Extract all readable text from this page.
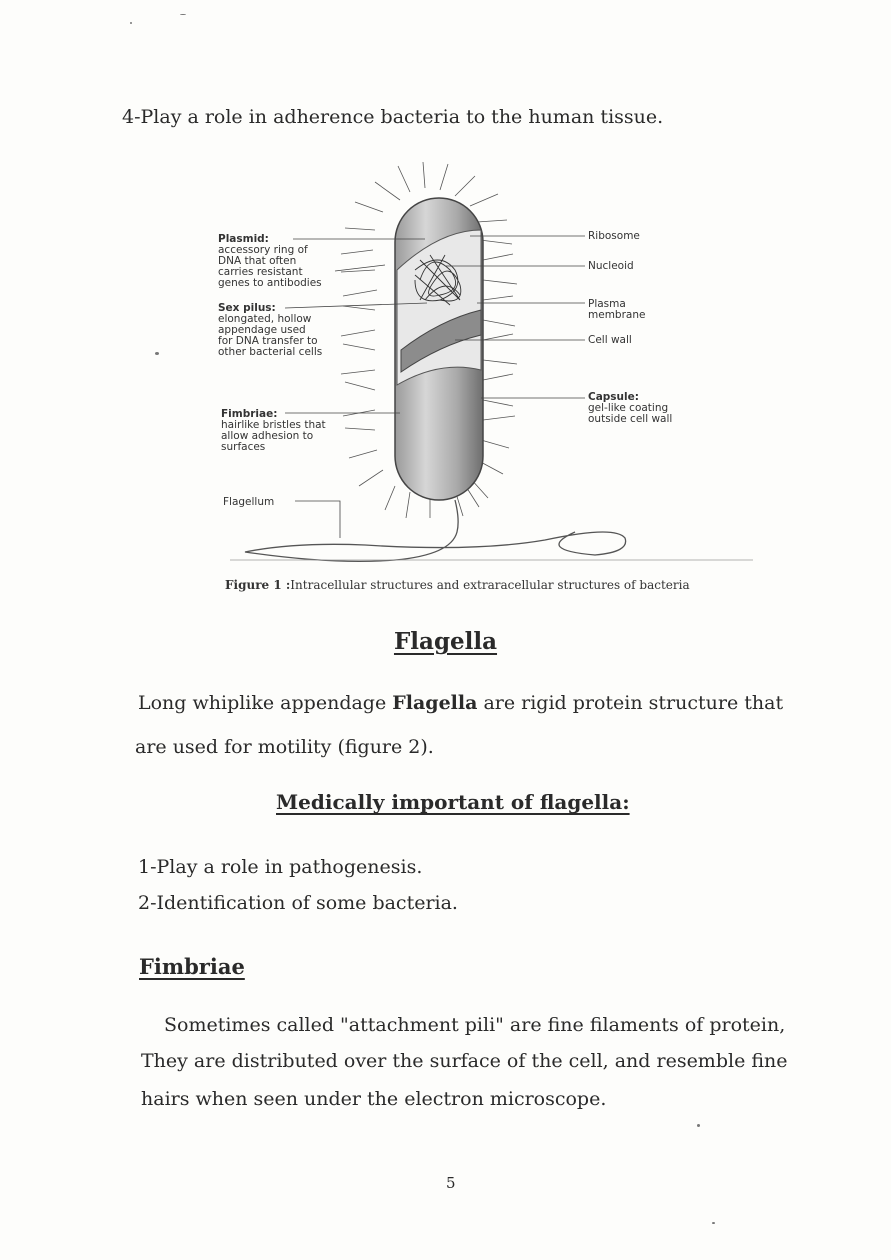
4-Play a role in adherence bacteria to the human tissue.
Plasmid:
accessory ring of
DNA that often
carries resistant
genes to antibodies
Sex pilus:
elongated, hollow
appendage used
for DNA transfer to
other bacterial cells
Fimbriae:
hairlike bristles that
allow adhesion to
surfaces
Flagellum
Ribosome
Nucleoid
Plasma
membrane
Cell wall
Capsule:
gel-like coating
outside cell wall
Figure 1 :Intracellular structures and extraracellular structures of bacteria
Flagella
Long whiplike appendage Flagella are rigid protein structure that
are used for motility (figure 2).
Medically important of flagella:
1-Play a role in pathogenesis.
2-Identification of some bacteria.
Fimbriae
Sometimes called "attachment pili" are fine filaments of protein,
They are distributed over the surface of the cell, and resemble fine
hairs when seen under the electron microscope.
5
